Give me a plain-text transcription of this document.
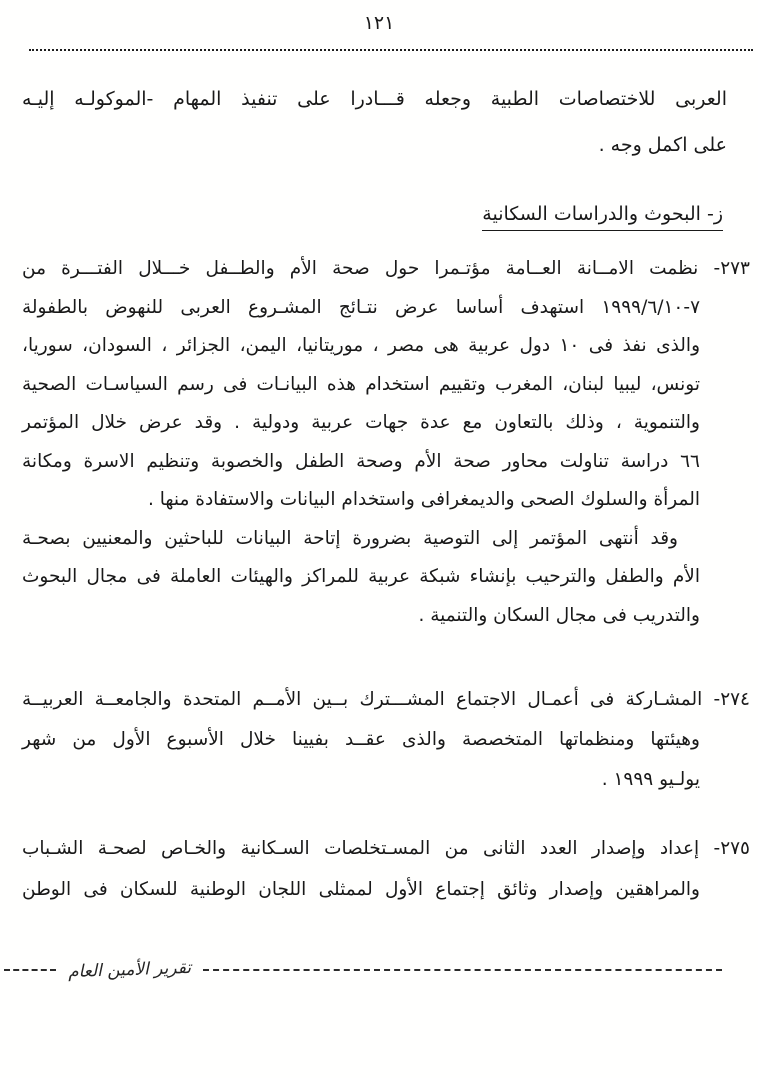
١٢١
العربى للاختصاصات الطبية وجعله قـــادرا على تنفيذ المهام -الموكولـه إليـه
على اكمل وجه .
ز- البحوث والدراسات السكانية
٢٧٣- نظمت الامــانة العــامة مؤتـمرا حول صحة الأم والطــفل خـــلال الفتـــرة من
٧-١٩٩٩/٦/١٠ استهدف أساسا عرض نتـائج المشـروع العربى للنهوض بالطفولة
والذى نفذ فى ١٠ دول عربية هى مصر ، موريتانيا، اليمن، الجزائر ، السودان، سوريا،
تونس، ليبيا لبنان، المغرب وتقييم استخدام هذه البيانـات فى رسم السياسـات الصحية
والتنموية ، وذلك بالتعاون مع عدة جهات عربية ودولية . وقد عرض خلال المؤتمر
٦٦ دراسة تناولت محاور صحة الأم وصحة الطفل والخصوبة وتنظيم الاسرة ومكانة
المرأة والسلوك الصحى والديمغرافى واستخدام البيانات والاستفادة منها .
وقد أنتهى المؤتمر إلى التوصية بضرورة إتاحة البيانات للباحثين والمعنيين بصحـة
الأم والطفل والترحيب بإنشاء شبكة عربية للمراكز والهيئات العاملة فى مجال البحوث
والتدريب فى مجال السكان والتنمية .
٢٧٤- المشـاركة فى أعمـال الاجتماع المشـــترك بــين الأمــم المتحدة والجامعــة العربيــة
وهيئتها ومنظماتها المتخصصة والذى عقــد بفيينا خلال الأسبوع الأول من شهر
يولـيو ١٩٩٩ .
٢٧٥- إعداد وإصدار العدد الثانى من المسـتخلصات السـكانية والخـاص لصحـة الشـباب
والمراهقين وإصدار وثائق إجتماع الأول لممثلى اللجان الوطنية للسكان فى الوطن
تقرير الأمين العام
